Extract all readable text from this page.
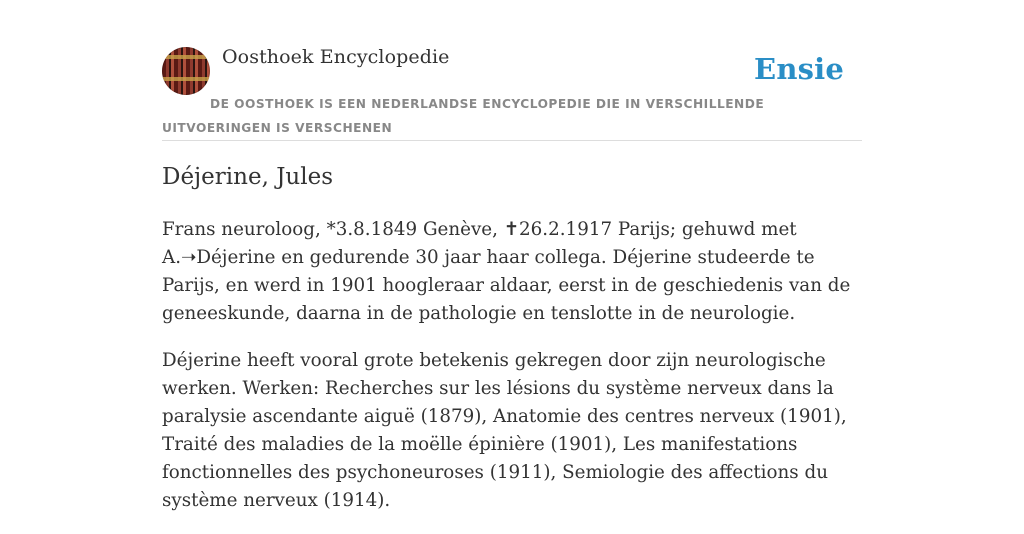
Oosthoek Encyclopedie	Ensie
DE OOSTHOEK IS EEN NEDERLANDSE ENCYCLOPEDIE DIE IN VERSCHILLENDE UITVOERINGEN IS VERSCHENEN
Déjerine, Jules

Frans neuroloog, *3.8.1849 Genève, ✝26.2.1917 Parijs; gehuwd met A.➝Déjerine en gedurende 30 jaar haar collega. Déjerine studeerde te Parijs, en werd in 1901 hoogleraar aldaar, eerst in de geschiedenis van de geneeskunde, daarna in de pathologie en tenslotte in de neurologie.

Déjerine heeft vooral grote betekenis gekregen door zijn neurologische werken. Werken: Recherches sur les lésions du système nerveux dans la paralysie ascendante aiguë (1879), Anatomie des centres nerveux (1901), Traité des maladies de la moëlle épinière (1901), Les manifestations fonctionnelles des psychoneuroses (1911), Semiologie des affections du système nerveux (1914).
